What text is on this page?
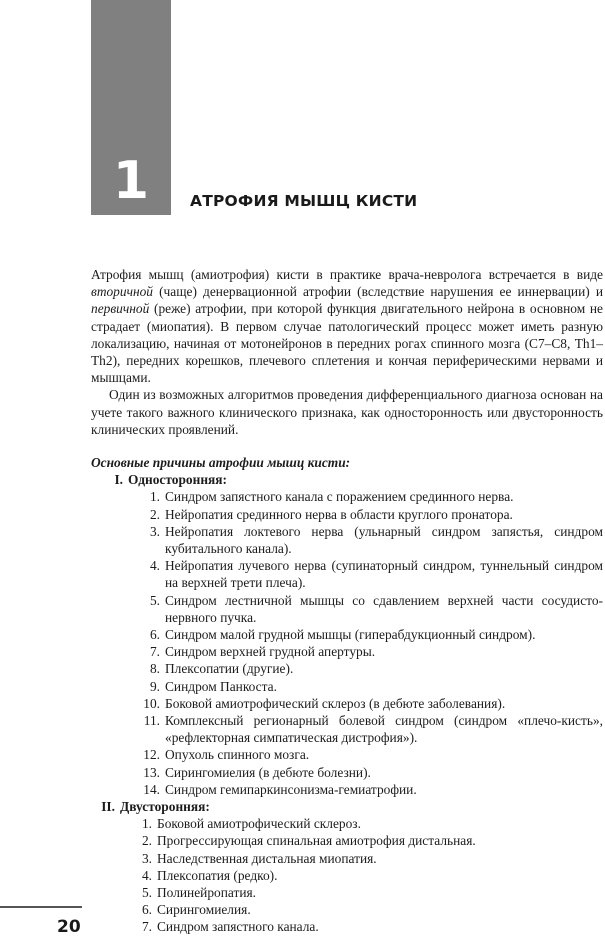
1	АТРОФИЯ МЫШЦ КИСТИ

Атрофия мышц (амиотрофия) кисти в практике врача-невролога встречается в виде вторичной (чаще) денервационной атрофии (вследствие нарушения ее иннервации) и первичной (реже) атрофии, при которой функция двигательного нейрона в основном не страдает (миопатия). В первом случае патологический процесс может иметь разную локализацию, начиная от мотонейронов в передних рогах спинного мозга (С7–С8, Th1–Th2), передних корешков, плечевого сплетения и кончая периферическими нервами и мышцами.

Один из возможных алгоритмов проведения дифференциального диагноза основан на учете такого важного клинического признака, как односторонность или двусторонность клинических проявлений.

Основные причины атрофии мышц кисти:

I. Односторонняя:

1. Синдром запястного канала с поражением срединного нерва.
2. Нейропатия срединного нерва в области круглого пронатора.
3. Нейропатия локтевого нерва (ульнарный синдром запястья, синдром кубитального канала).
4. Нейропатия лучевого нерва (супинаторный синдром, туннельный синдром на верхней трети плеча).
5. Синдром лестничной мышцы со сдавлением верхней части сосудисто-нервного пучка.
6. Синдром малой грудной мышцы (гиперабдукционный синдром).
7. Синдром верхней грудной апертуры.
8. Плексопатии (другие).
9. Синдром Панкоста.
10. Боковой амиотрофический склероз (в дебюте заболевания).
11. Комплексный регионарный болевой синдром (синдром «плечо-кисть», «рефлекторная симпатическая дистрофия»).
12. Опухоль спинного мозга.
13. Сирингомиелия (в дебюте болезни).
14. Синдром гемипаркинсонизма-гемиатрофии.

II. Двусторонняя:

1. Боковой амиотрофический склероз.
2. Прогрессирующая спинальная амиотрофия дистальная.
3. Наследственная дистальная миопатия.
4. Плексопатия (редко).
5. Полинейропатия.
6. Сирингомиелия.
7. Синдром запястного канала.
20
